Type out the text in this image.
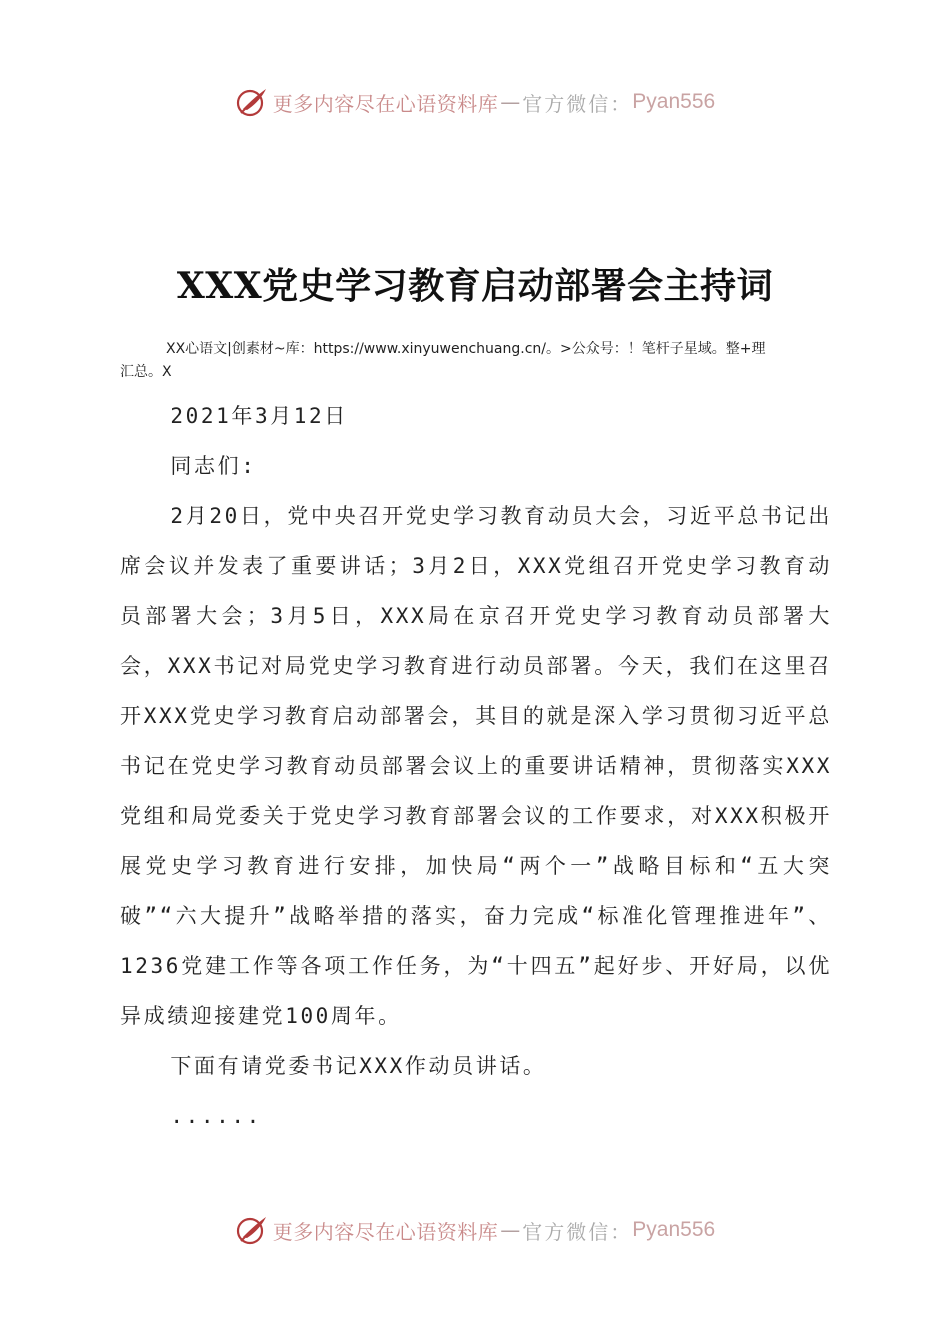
更多内容尽在心语资料库 — 官方微信： Pyan556
XXX党史学习教育启动部署会主持词
XX心语文|创素材~库：https://www.xinyuwenchuang.cn/。>公众号：！笔杆子星域。整+理
汇总。X

2021年3月12日

同志们:

2月20日，党中央召开党史学习教育动员大会，习近平总书记出席会议并发表了重要讲话；3月2日，XXX党组召开党史学习教育动员部署大会；3月5日，XXX局在京召开党史学习教育动员部署大会，XXX书记对局党史学习教育进行动员部署。今天，我们在这里召开XXX党史学习教育启动部署会，其目的就是深入学习贯彻习近平总书记在党史学习教育动员部署会议上的重要讲话精神，贯彻落实XXX党组和局党委关于党史学习教育部署会议的工作要求，对XXX积极开展党史学习教育进行安排，加快局“两个一”战略目标和“五大突破”“六大提升”战略举措的落实，奋力完成“标准化管理推进年”、1236党建工作等各项工作任务，为“十四五”起好步、开好局，以优异成绩迎接建党100周年。

下面有请党委书记XXX作动员讲话。

......

更多内容尽在心语资料库 — 官方微信： Pyan556
